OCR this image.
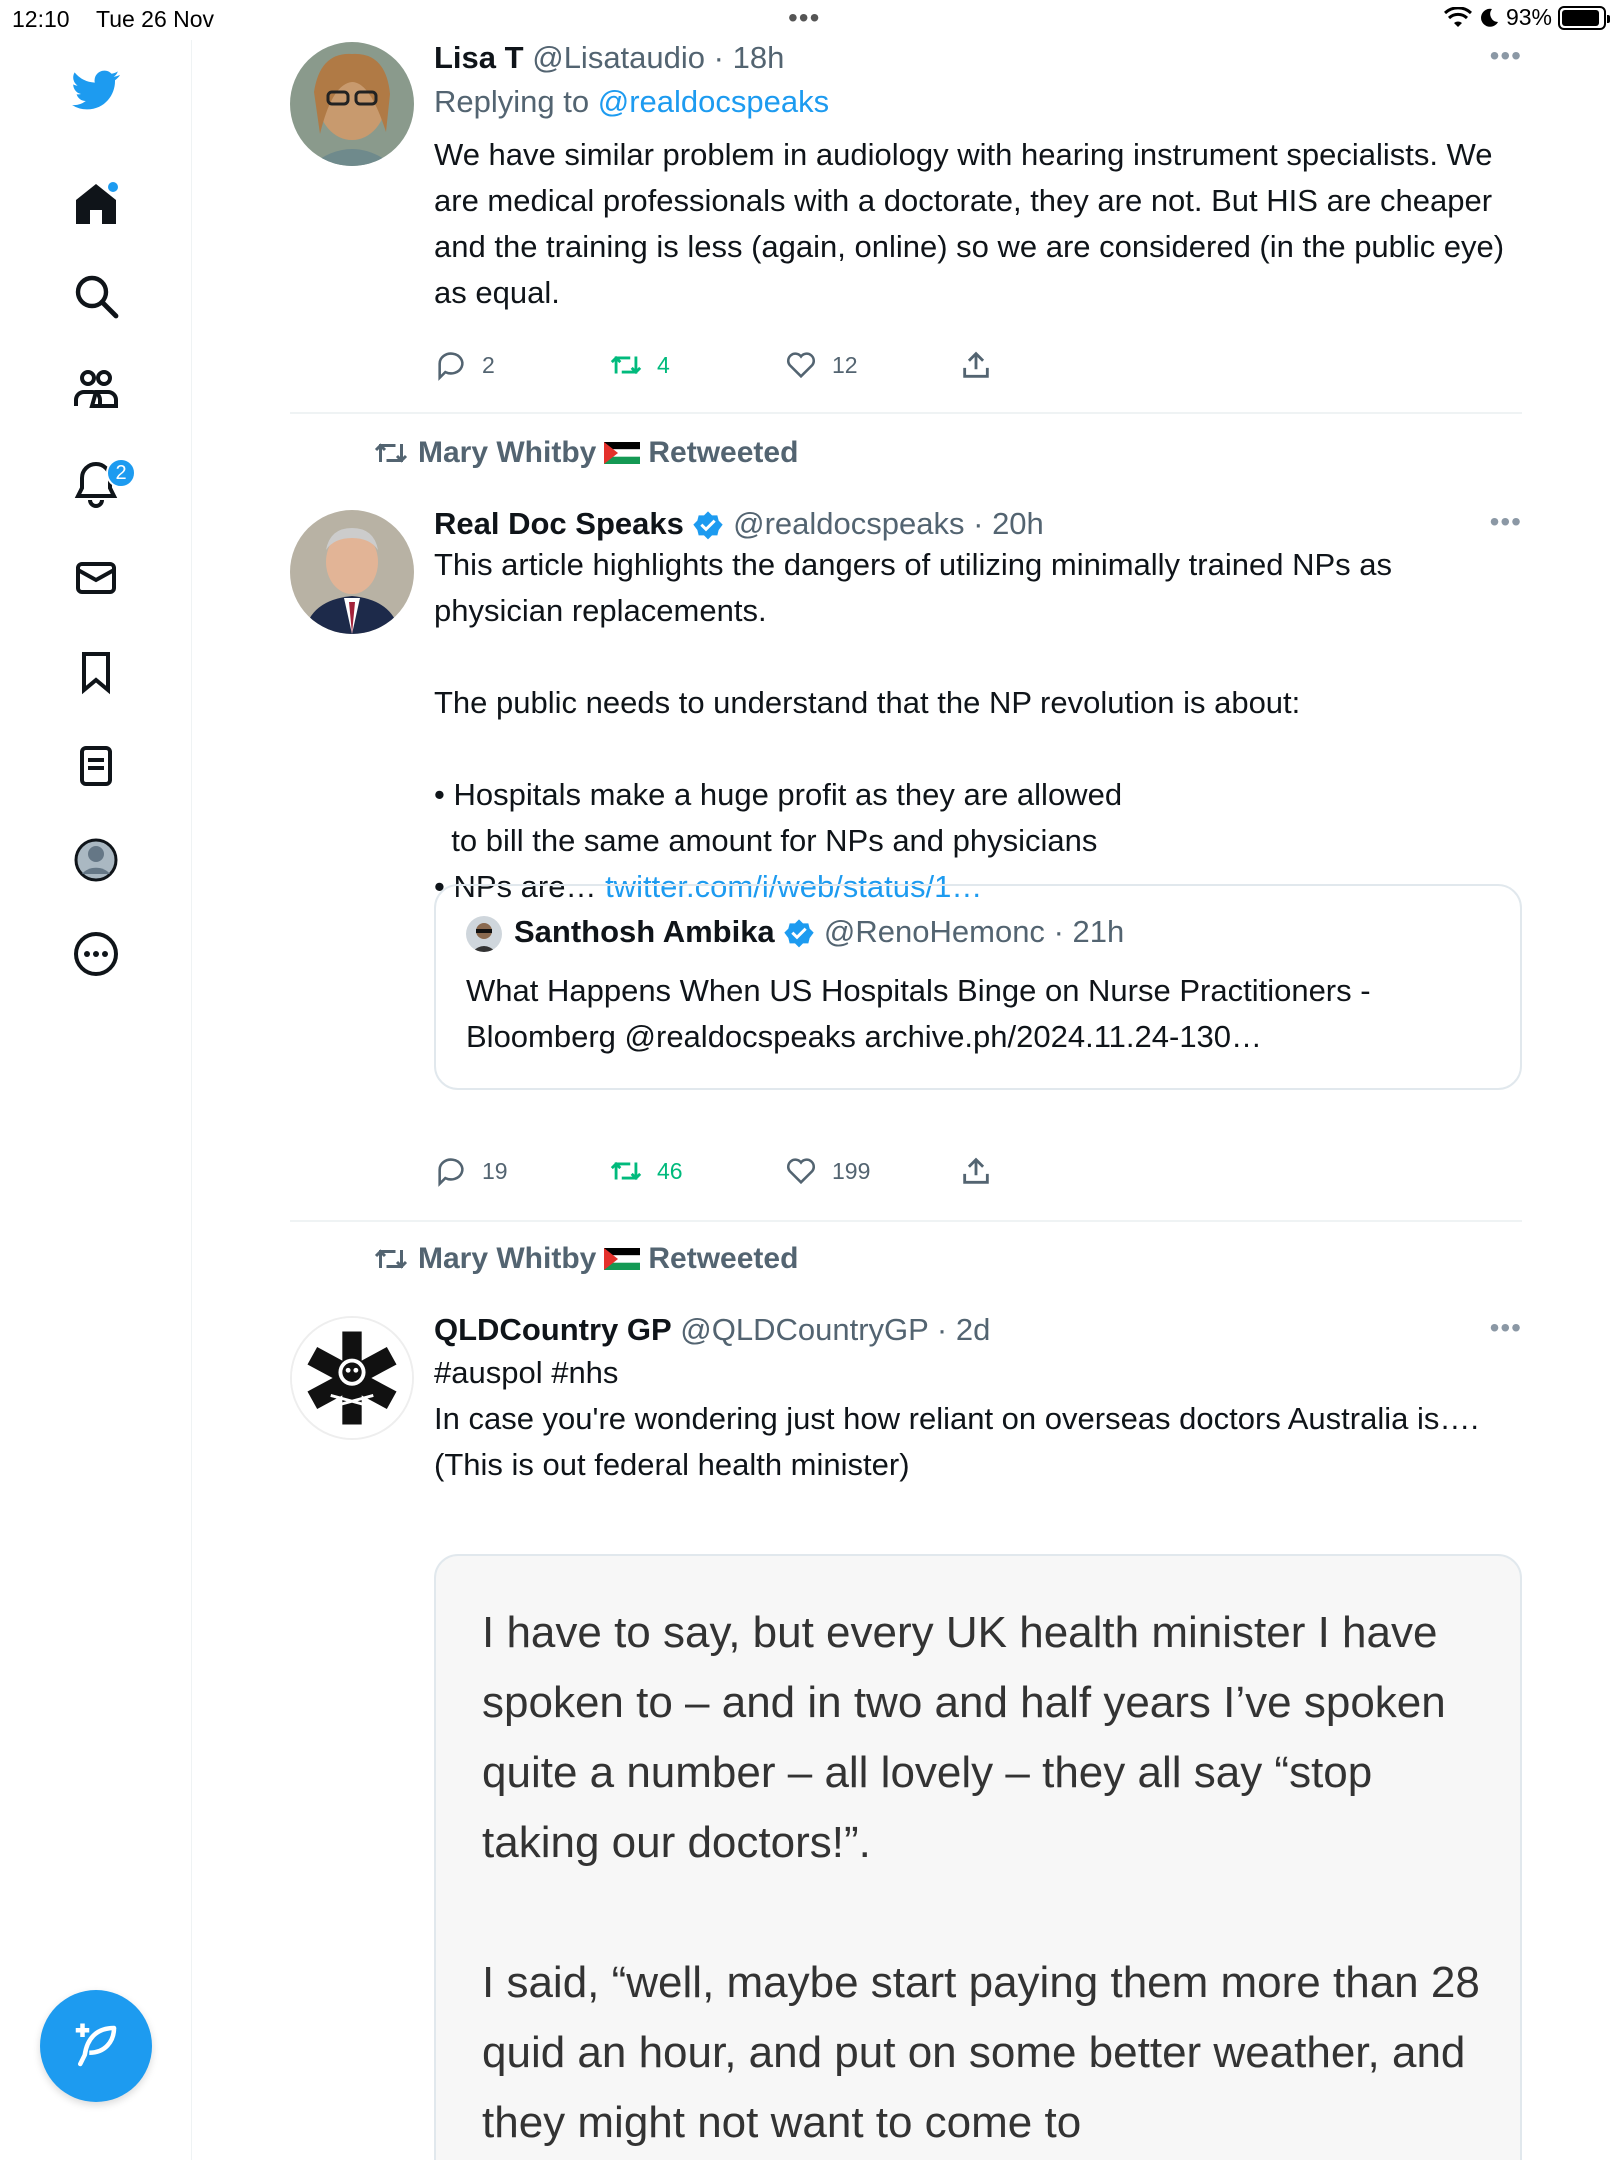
12:10 Tue 26 Nov	•••	93%
2
Lisa T @Lisataudio · 18h
Replying to @realdocspeaks
We have similar problem in audiology with hearing instrument specialists. We are medical professionals with a doctorate, they are not. But HIS are cheaper and the training is less (again, online) so we are considered (in the public eye) as equal.
•••
2	4	12
Mary Whitby Retweeted
Real Doc Speaks @realdocspeaks · 20h
This article highlights the dangers of utilizing minimally trained NPs as physician replacements.

The public needs to understand that the NP revolution is about:

• Hospitals make a huge profit as they are allowed
to bill the same amount for NPs and physicians
• NPs are… twitter.com/i/web/status/1…
•••
Santhosh Ambika @RenoHemonc · 21h
What Happens When US Hospitals Binge on Nurse Practitioners - Bloomberg @realdocspeaks archive.ph/2024.11.24-130…
19	46	199
Mary Whitby Retweeted
QLDCountry GP @QLDCountryGP · 2d
#auspol #nhs
In case you're wondering just how reliant on overseas doctors Australia is….
(This is out federal health minister)
•••
I have to say, but every UK health minister I have spoken to – and in two and half years I’ve spoken quite a number – all lovely – they all say “stop taking our doctors!”.

I said, “well, maybe start paying them more than 28 quid an hour, and put on some better weather, and they might not want to come to
